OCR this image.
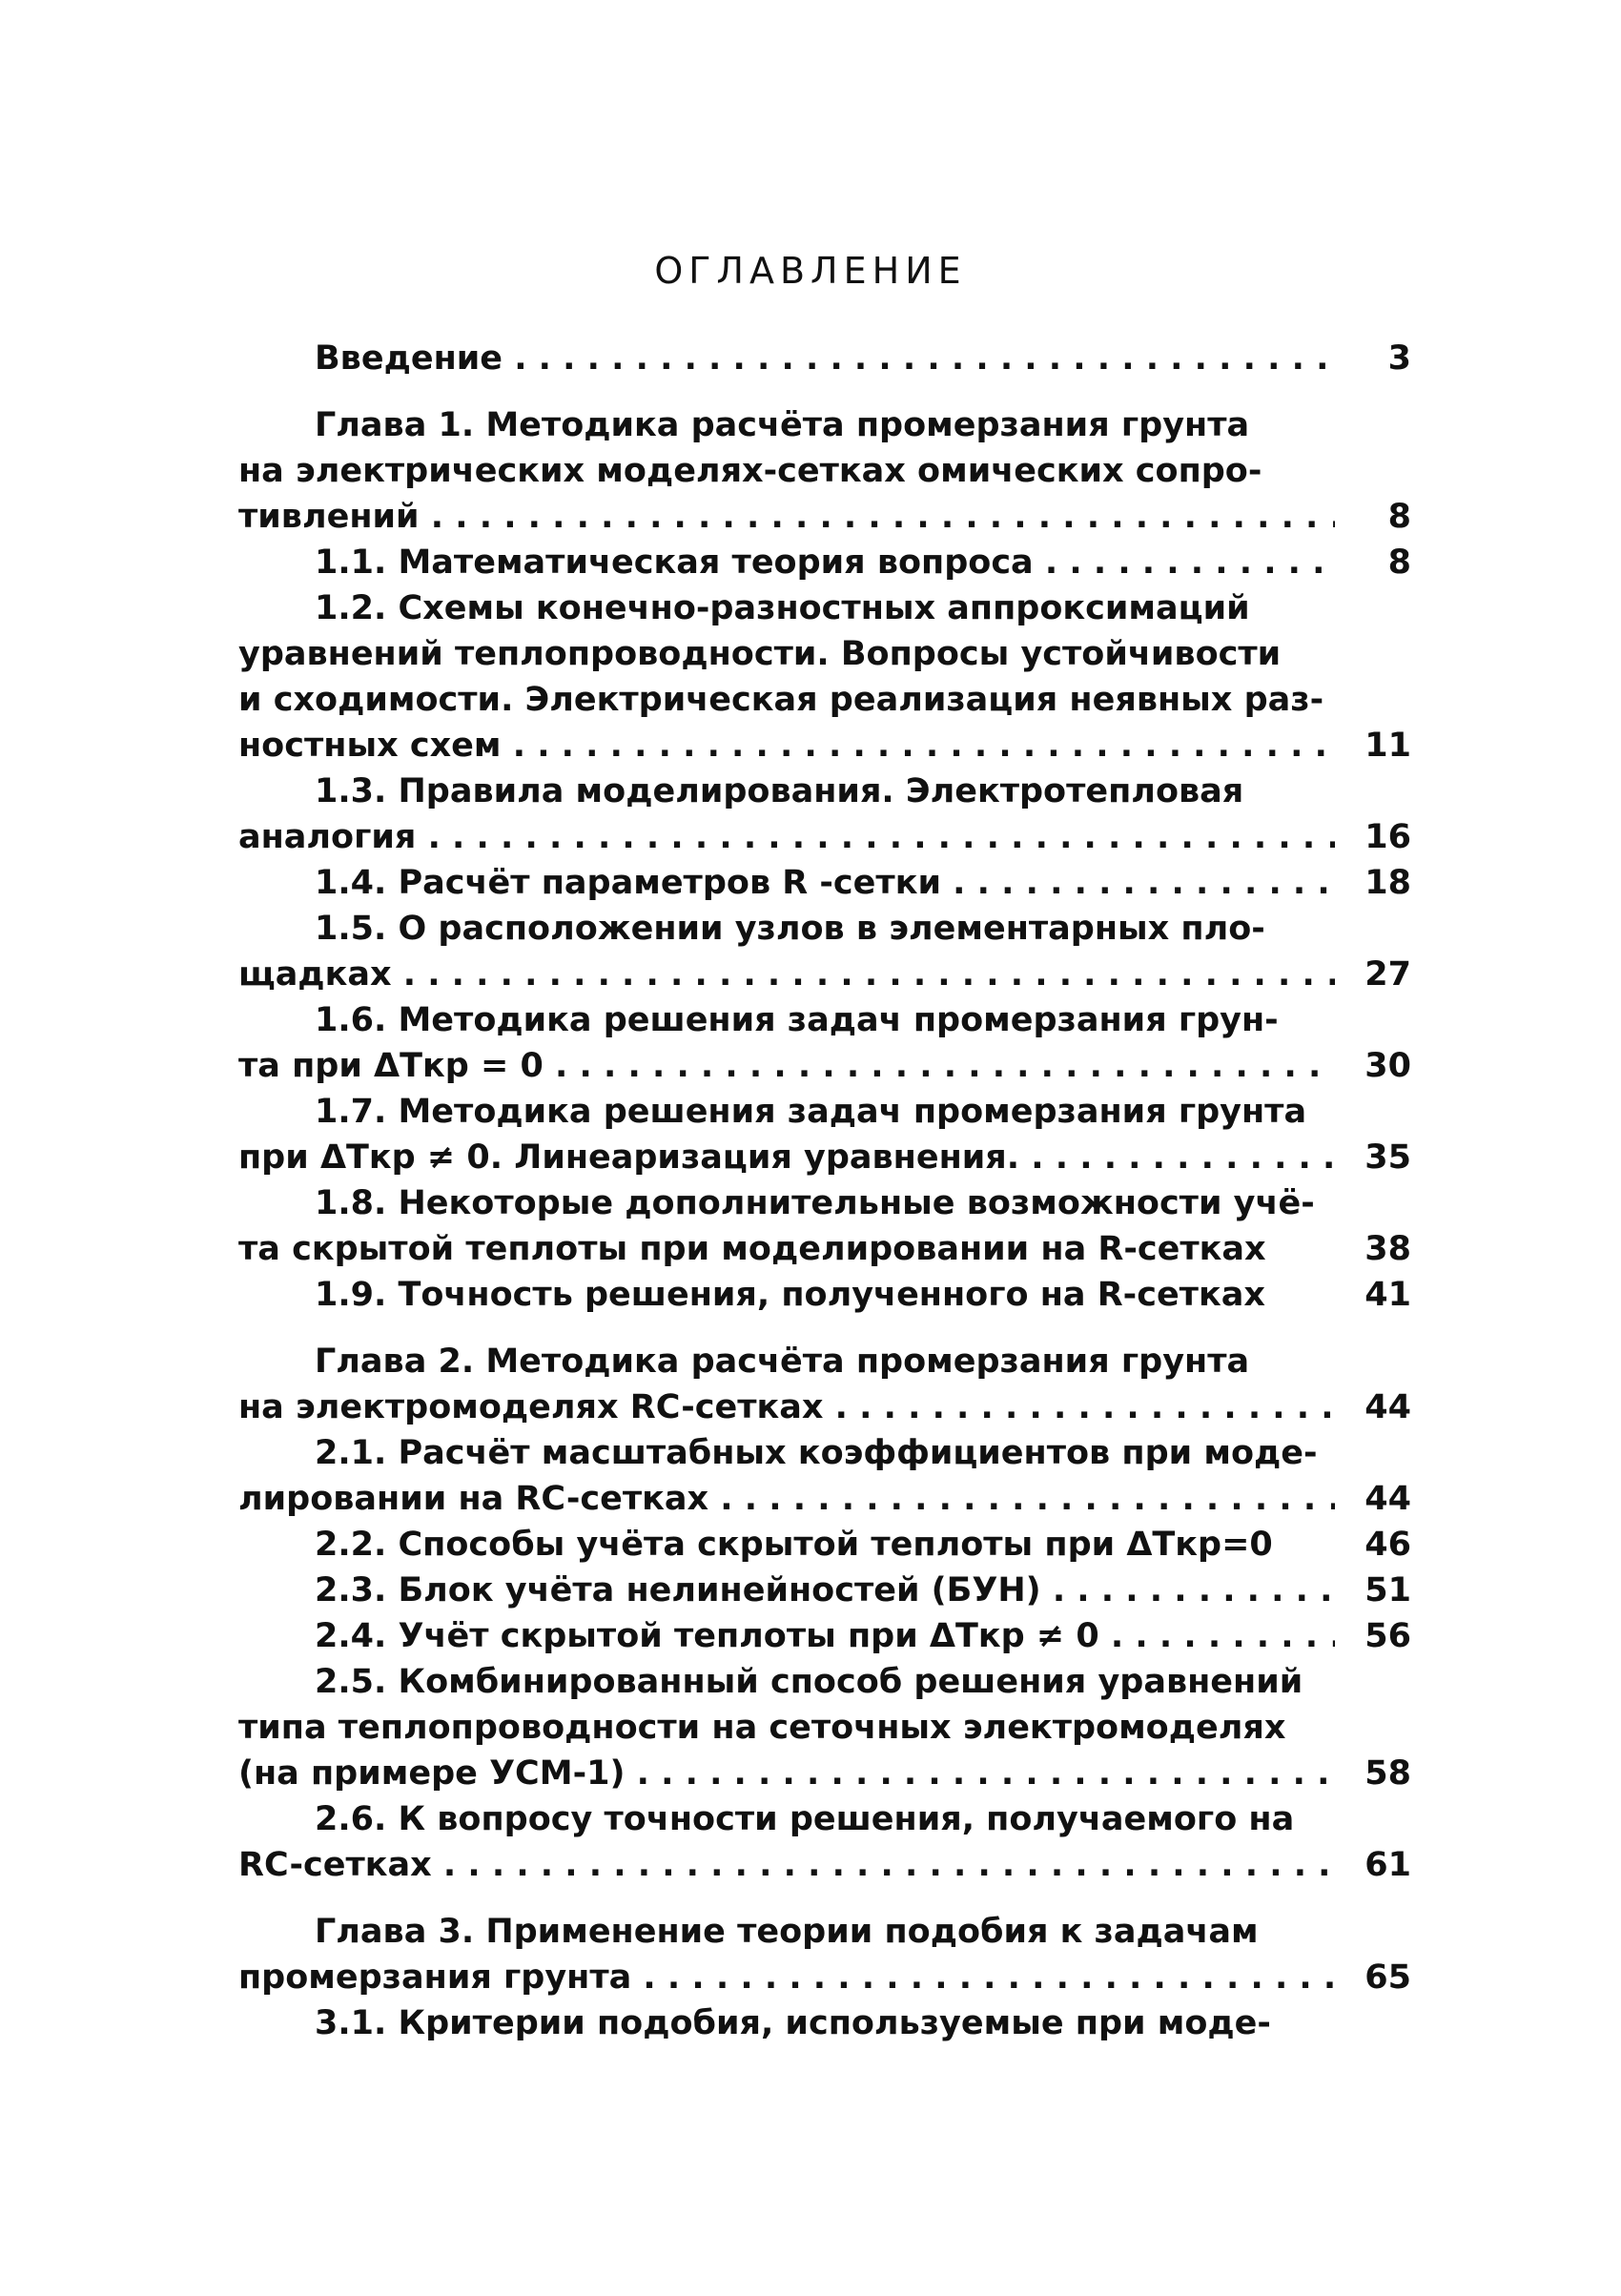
ОГЛАВЛЕНИЕ
Введение . . .	3
Глава 1. Методика расчёта промерзания грунта
на электрических моделях-сетках омических сопро-
тивлений . . .	8
1.1. Математическая теория вопроса . . .	8
1.2. Схемы конечно-разностных аппроксимаций
уравнений теплопроводности. Вопросы устойчивости
и сходимости. Электрическая реализация неявных раз-
ностных схем . . .	11
1.3. Правила моделирования. Электротепловая
аналогия . . .	16
1.4. Расчёт параметров R -сетки . . .	18
1.5. О расположении узлов в элементарных пло-
щадках . . .	27
1.6. Методика решения задач промерзания грун-
та при ΔTкр = 0 . . .	30
1.7. Методика решения задач промерзания грунта
при ΔTкр ≠ 0. Линеаризация уравнения. . . .	35
1.8. Некоторые дополнительные возможности учё-
та скрытой теплоты при моделировании на R-сетках	38
1.9. Точность решения, полученного на R-сетках	41
Глава 2. Методика расчёта промерзания грунта
на электромоделях RC-сетках . . .	44
2.1. Расчёт масштабных коэффициентов при моде-
лировании на RC-сетках . . .	44
2.2. Способы учёта скрытой теплоты при ΔTкр=0	46
2.3. Блок учёта нелинейностей (БУН) . . .	51
2.4. Учёт скрытой теплоты при ΔTкр ≠ 0 . . .	56
2.5. Комбинированный способ решения уравнений
типа теплопроводности на сеточных электромоделях
(на примере УСМ-1) . . .	58
2.6. К вопросу точности решения, получаемого на
RC-сетках . . .	61
Глава 3. Применение теории подобия к задачам
промерзания грунта . . .	65
3.1. Критерии подобия, используемые при моде-
